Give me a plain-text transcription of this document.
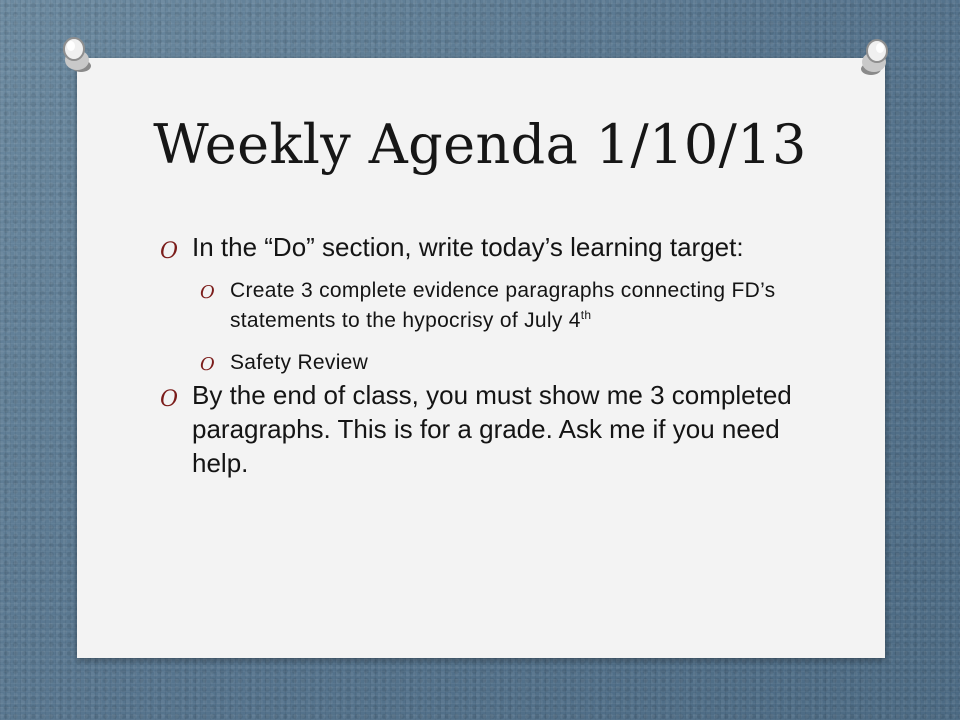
Weekly Agenda 1/10/13
O In the “Do” section, write today’s learning target:
O Create 3 complete evidence paragraphs connecting FD’s statements to the hypocrisy of July 4th
O Safety Review
O By the end of class, you must show me 3 completed paragraphs. This is for a grade. Ask me if you need help.
